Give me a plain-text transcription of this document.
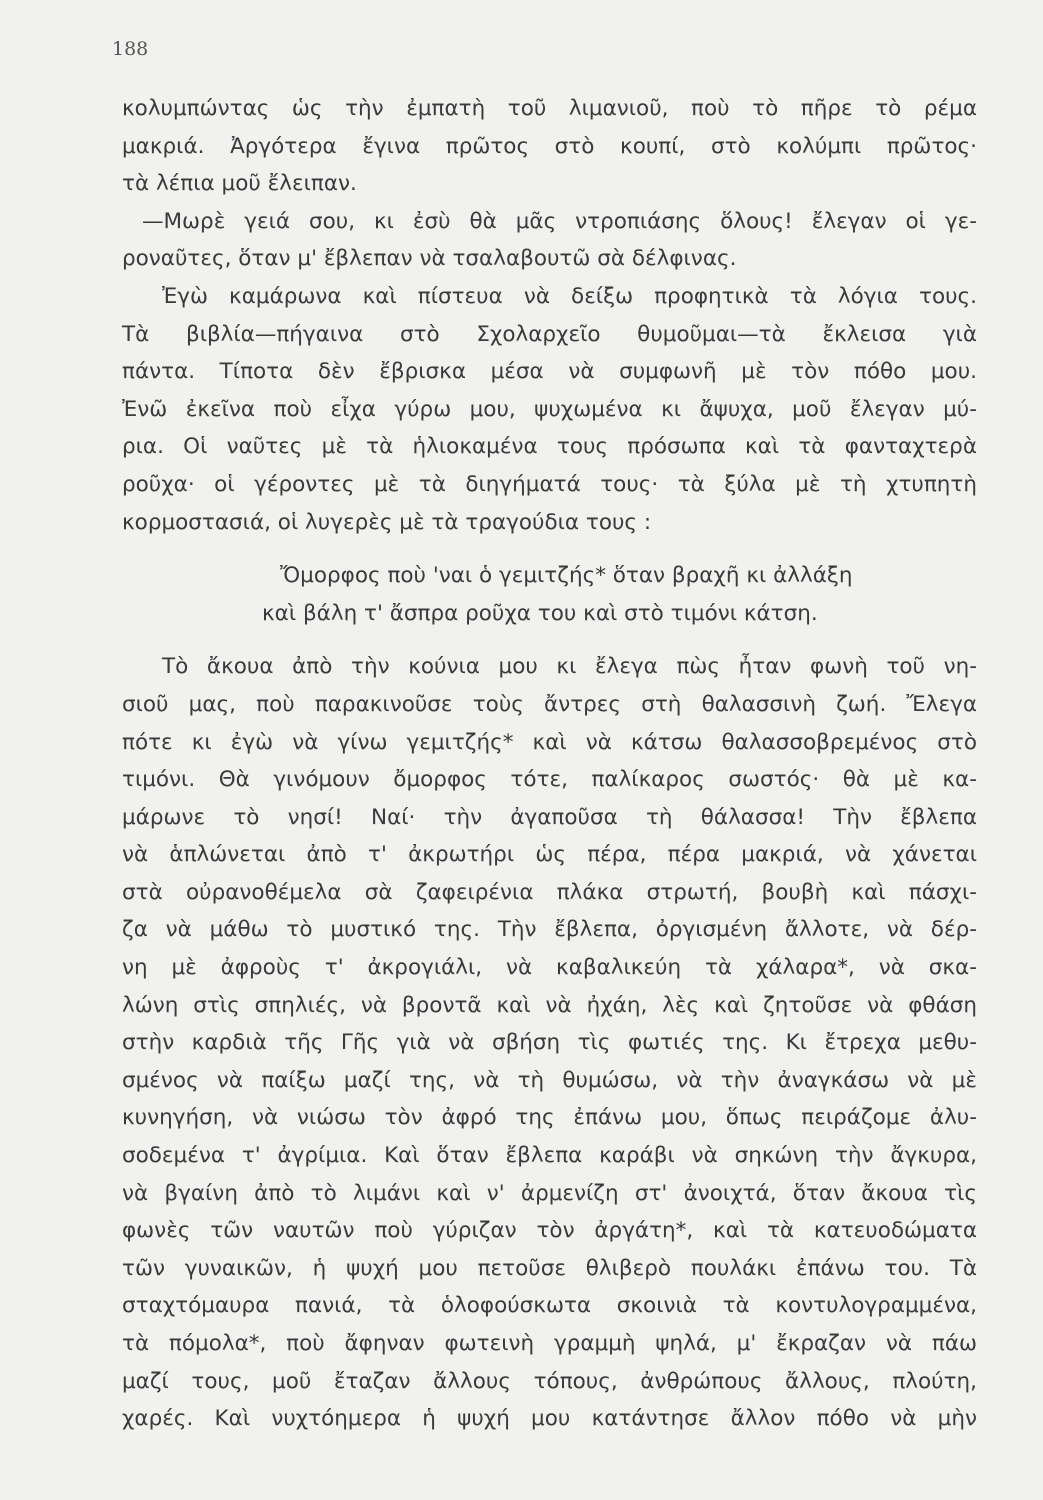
188
κολυμπώντας ὡς τὴν ἐμπατὴ τοῦ λιμανιοῦ, ποὺ τὸ πῆρε τὸ ρέμα
μακριά. Ἀργότερα ἔγινα πρῶτος στὸ κουπί, στὸ κολύμπι πρῶτος·
τὰ λέπια μοῦ ἔλειπαν.
—Μωρὲ γειά σου, κι ἐσὺ θὰ μᾶς ντροπιάσης ὅλους! ἔλεγαν οἱ γε-
ροναῦτες, ὅταν μ' ἔβλεπαν νὰ τσαλαβουτῶ σὰ δέλφινας.
Ἐγὼ καμάρωνα καὶ πίστευα νὰ δείξω προφητικὰ τὰ λόγια τους.
Τὰ βιβλία—πήγαινα στὸ Σχολαρχεῖο θυμοῦμαι—τὰ ἔκλεισα γιὰ
πάντα. Τίποτα δὲν ἔβρισκα μέσα νὰ συμφωνῆ μὲ τὸν πόθο μου.
Ἐνῶ ἐκεῖνα ποὺ εἶχα γύρω μου, ψυχωμένα κι ἄψυχα, μοῦ ἔλεγαν μύ-
ρια. Οἱ ναῦτες μὲ τὰ ἡλιοκαμένα τους πρόσωπα καὶ τὰ φανταχτερὰ
ροῦχα· οἱ γέροντες μὲ τὰ διηγήματά τους· τὰ ξύλα μὲ τὴ χτυπητὴ
κορμοστασιά, οἱ λυγερὲς μὲ τὰ τραγούδια τους :
Ὄμορφος ποὺ 'ναι ὁ γεμιτζής* ὅταν βραχῆ κι ἀλλάξη
καὶ βάλη τ' ἄσπρα ροῦχα του καὶ στὸ τιμόνι κάτση.
Τὸ ἄκουα ἀπὸ τὴν κούνια μου κι ἔλεγα πὼς ἦταν φωνὴ τοῦ νη-
σιοῦ μας, ποὺ παρακινοῦσε τοὺς ἄντρες στὴ θαλασσινὴ ζωή. Ἔλεγα
πότε κι ἐγὼ νὰ γίνω γεμιτζής* καὶ νὰ κάτσω θαλασσοβρεμένος στὸ
τιμόνι. Θὰ γινόμουν ὄμορφος τότε, παλίκαρος σωστός· θὰ μὲ κα-
μάρωνε τὸ νησί! Ναί· τὴν ἀγαποῦσα τὴ θάλασσα! Τὴν ἔβλεπα
νὰ ἁπλώνεται ἀπὸ τ' ἀκρωτήρι ὡς πέρα, πέρα μακριά, νὰ χάνεται
στὰ οὐρανοθέμελα σὰ ζαφειρένια πλάκα στρωτή, βουβὴ καὶ πάσχι-
ζα νὰ μάθω τὸ μυστικό της. Τὴν ἔβλεπα, ὀργισμένη ἄλλοτε, νὰ δέρ-
νη μὲ ἀφροὺς τ' ἀκρογιάλι, νὰ καβαλικεύη τὰ χάλαρα*, νὰ σκα-
λώνη στὶς σπηλιές, νὰ βροντᾶ καὶ νὰ ἠχάη, λὲς καὶ ζητοῦσε νὰ φθάση
στὴν καρδιὰ τῆς Γῆς γιὰ νὰ σβήση τὶς φωτιές της. Κι ἔτρεχα μεθυ-
σμένος νὰ παίξω μαζί της, νὰ τὴ θυμώσω, νὰ τὴν ἀναγκάσω νὰ μὲ
κυνηγήση, νὰ νιώσω τὸν ἀφρό της ἐπάνω μου, ὅπως πειράζομε ἀλυ-
σοδεμένα τ' ἀγρίμια. Καὶ ὅταν ἔβλεπα καράβι νὰ σηκώνη τὴν ἄγκυρα,
νὰ βγαίνη ἀπὸ τὸ λιμάνι καὶ ν' ἀρμενίζη στ' ἀνοιχτά, ὅταν ἄκουα τὶς
φωνὲς τῶν ναυτῶν ποὺ γύριζαν τὸν ἀργάτη*, καὶ τὰ κατευοδώματα
τῶν γυναικῶν, ἡ ψυχή μου πετοῦσε θλιβερὸ πουλάκι ἐπάνω του. Τὰ
σταχτόμαυρα πανιά, τὰ ὁλοφούσκωτα σκοινιὰ τὰ κοντυλογραμμένα,
τὰ πόμολα*, ποὺ ἄφηναν φωτεινὴ γραμμὴ ψηλά, μ' ἔκραζαν νὰ πάω
μαζί τους, μοῦ ἔταζαν ἄλλους τόπους, ἀνθρώπους ἄλλους, πλούτη,
χαρές. Καὶ νυχτόημερα ἡ ψυχή μου κατάντησε ἄλλον πόθο νὰ μὴν
